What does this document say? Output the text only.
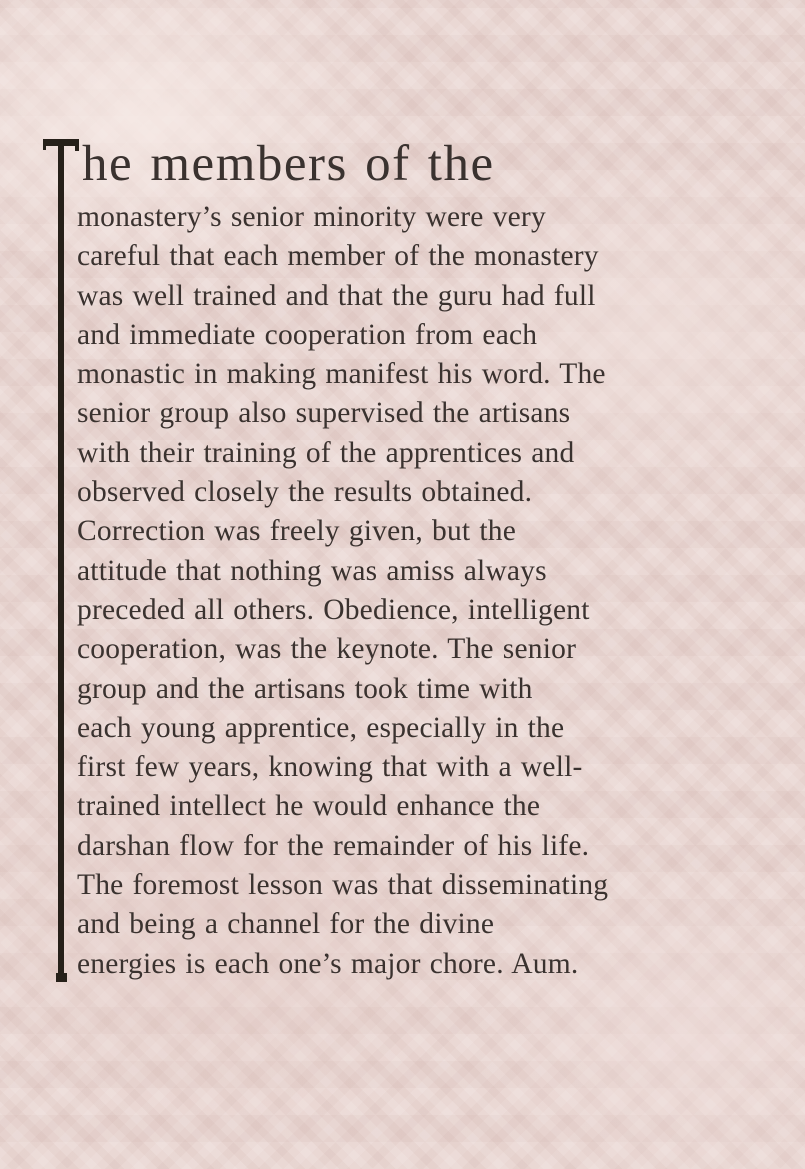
he members of the
monastery’s senior minority were very
careful that each member of the monastery
was well trained and that the guru had full
and immediate cooperation from each
monastic in making manifest his word. The
senior group also supervised the artisans
with their training of the apprentices and
observed closely the results obtained.
Correction was freely given, but the
attitude that nothing was amiss always
preceded all others. Obedience, intelligent
cooperation, was the keynote. The senior
group and the artisans took time with
each young apprentice, especially in the
first few years, knowing that with a well-
trained intellect he would enhance the
darshan flow for the remainder of his life.
The foremost lesson was that disseminating
and being a channel for the divine
energies is each one’s major chore. Aum.
